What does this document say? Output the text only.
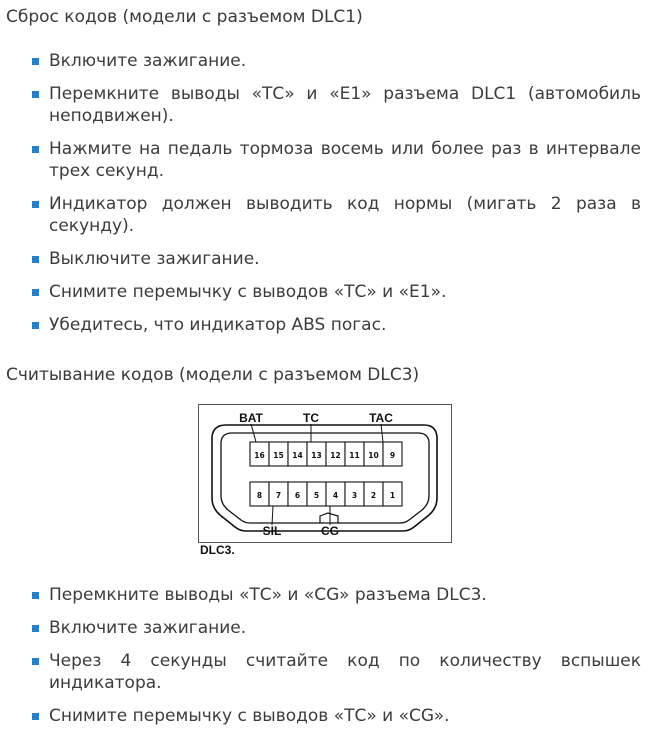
Сброс кодов (модели с разъемом DLC1)
Включите зажигание.
Перемкните выводы «ТС» и «Е1» разъема DLC1 (автомобиль неподвижен).
Нажмите на педаль тормоза восемь или более раз в интервале трех секунд.
Индикатор должен выводить код нормы (мигать 2 раза в секунду).
Выключите зажигание.
Снимите перемычку с выводов «ТС» и «Е1».
Убедитесь, что индикатор ABS погас.
Считывание кодов (модели с разъемом DLC3)
16 15 14 13 12 11 10 9
8 7 6 5 4 3 2 1
BAT	TC	TAC
SIL	CG
DLC3.
Перемкните выводы «ТС» и «CG» разъема DLC3.
Включите зажигание.
Через 4 секунды считайте код по количеству вспышек индикатора.
Снимите перемычку с выводов «ТС» и «CG».
